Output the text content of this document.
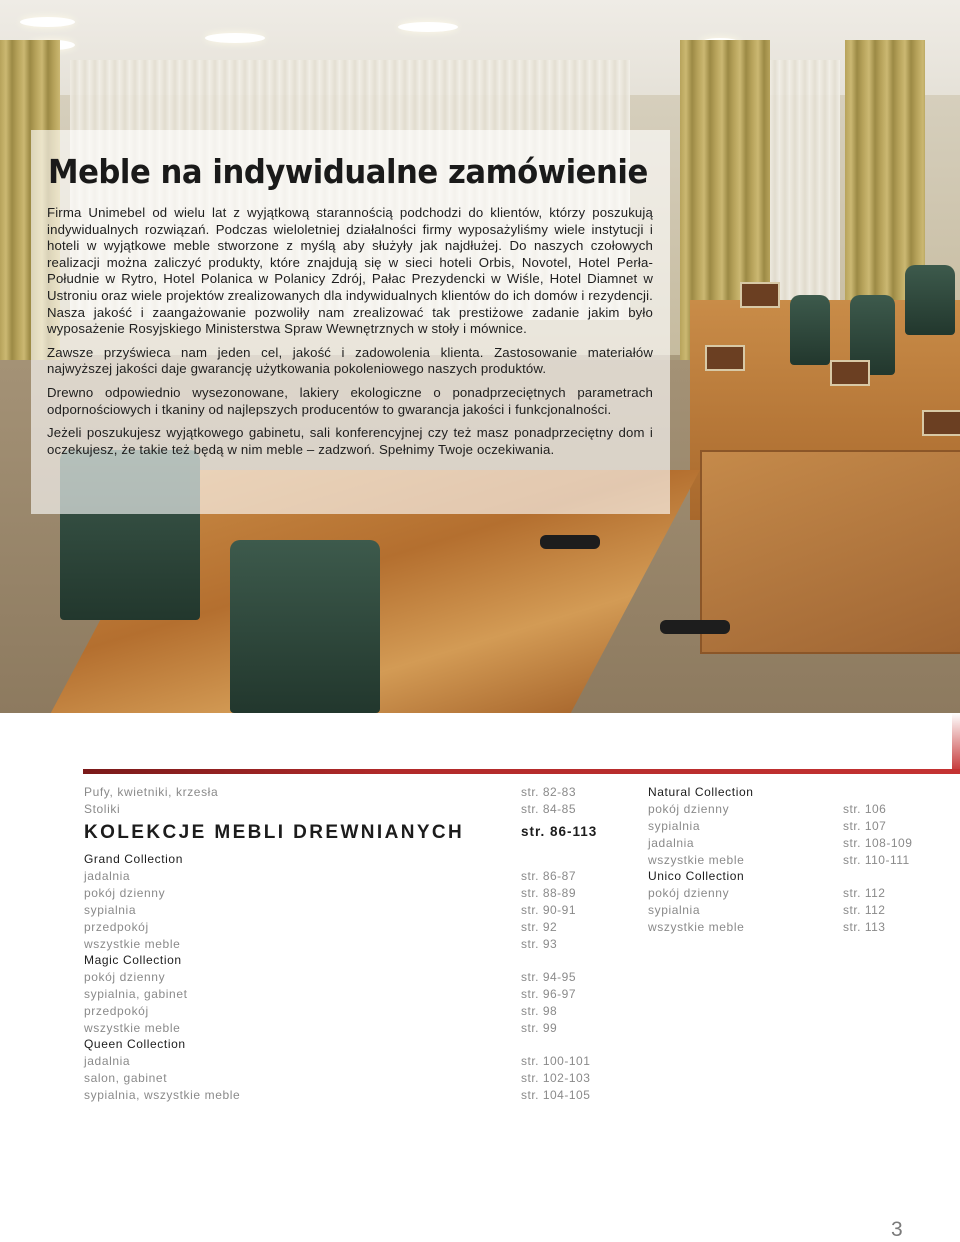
Meble na indywidualne zamówienie

Firma Unimebel od wielu lat z wyjątkową starannością podchodzi do klientów, którzy poszukują indywidualnych rozwiązań. Podczas wieloletniej działalności firmy wyposażyliśmy wiele instytucji i hoteli w wyjątkowe meble stworzone z myślą aby służyły jak najdłużej. Do naszych czołowych realizacji można zaliczyć produkty, które znajdują się w sieci hoteli Orbis, Novotel, Hotel Perła-Południe w Rytro, Hotel Polanica w Polanicy Zdrój, Pałac Prezydencki w Wiśle, Hotel Diamnet w Ustroniu oraz wiele projektów zrealizowanych dla indywidualnych klientów do ich domów i rezydencji. Nasza jakość i zaangażowanie pozwoliły nam zrealizować tak prestiżowe zadanie jakim było wyposażenie Rosyjskiego Ministerstwa Spraw Wewnętrznych w stoły i mównice.

Zawsze przyświeca nam jeden cel, jakość i zadowolenia klienta. Zastosowanie materiałów najwyższej jakości daje gwarancję użytkowania pokoleniowego naszych produktów.

Drewno odpowiednio wysezonowane, lakiery ekologiczne o ponadprzeciętnych parametrach odpornościowych i tkaniny od najlepszych producentów to gwarancja jakości i funkcjonalności.

Jeżeli poszukujesz wyjątkowego gabinetu, sali konferencyjnej czy też masz ponadprzeciętny dom i oczekujesz, że takie też będą w nim meble – zadzwoń. Spełnimy Twoje oczekiwania.

Pufy, kwietniki, krzesła	str. 82-83
Stoliki	str. 84-85
KOLEKCJE MEBLI DREWNIANYCH	str. 86-113
Grand Collection
jadalnia	str. 86-87
pokój dzienny	str. 88-89
sypialnia	str. 90-91
przedpokój	str. 92
wszystkie meble	str. 93
Magic Collection
pokój dzienny	str. 94-95
sypialnia, gabinet	str. 96-97
przedpokój	str. 98
wszystkie meble	str. 99
Queen Collection
jadalnia	str. 100-101
salon, gabinet	str. 102-103
sypialnia, wszystkie meble	str. 104-105
Natural Collection
pokój dzienny	str. 106
sypialnia	str. 107
jadalnia	str. 108-109
wszystkie meble	str. 110-111
Unico Collection
pokój dzienny	str. 112
sypialnia	str. 112
wszystkie meble	str. 113
3
